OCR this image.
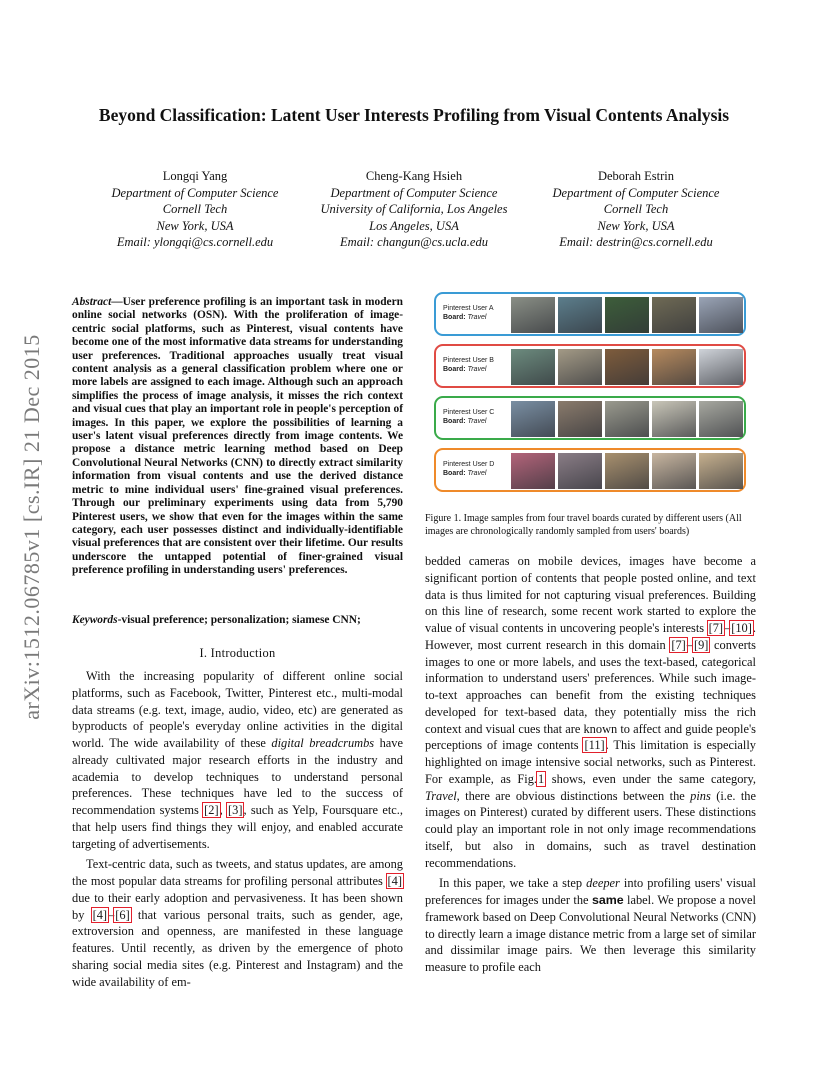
Beyond Classification: Latent User Interests Profiling from Visual Contents Analysis
Longqi Yang
Department of Computer Science
Cornell Tech
New York, USA
Email: ylongqi@cs.cornell.edu
Cheng-Kang Hsieh
Department of Computer Science
University of California, Los Angeles
Los Angeles, USA
Email: changun@cs.ucla.edu
Deborah Estrin
Department of Computer Science
Cornell Tech
New York, USA
Email: destrin@cs.cornell.edu
arXiv:1512.06785v1 [cs.IR] 21 Dec 2015
Abstract—User preference profiling is an important task in modern online social networks (OSN). With the proliferation of image-centric social platforms, such as Pinterest, visual contents have become one of the most informative data streams for understanding user preferences. Traditional approaches usually treat visual content analysis as a general classification problem where one or more labels are assigned to each image. Although such an approach simplifies the process of image analysis, it misses the rich context and visual cues that play an important role in people's perception of images. In this paper, we explore the possibilities of learning a user's latent visual preferences directly from image contents. We propose a distance metric learning method based on Deep Convolutional Neural Networks (CNN) to directly extract similarity information from visual contents and use the derived distance metric to mine individual users' fine-grained visual preferences. Through our preliminary experiments using data from 5,790 Pinterest users, we show that even for the images within the same category, each user possesses distinct and individually-identifiable visual preferences that are consistent over their lifetime. Our results underscore the untapped potential of finer-grained visual preference profiling in understanding users' preferences.
Keywords-visual preference; personalization; siamese CNN;
I. Introduction

With the increasing popularity of different online social platforms, such as Facebook, Twitter, Pinterest etc., multi-modal data streams (e.g. text, image, audio, video, etc) are generated as byproducts of people's everyday online activities in the digital world. The wide availability of these digital breadcrumbs have already cultivated major research efforts in the industry and academia to develop techniques to understand personal preferences. These techniques have led to the success of recommendation systems [2], [3], such as Yelp, Foursquare etc., that help users find things they will enjoy, and enabled accurate targeting of advertisements.

Text-centric data, such as tweets, and status updates, are among the most popular data streams for profiling personal attributes [4] due to their early adoption and pervasiveness. It has been shown by [4]–[6] that various personal traits, such as gender, age, extroversion and openness, are manifested in these language features. Until recently, as driven by the emergence of photo sharing social media sites (e.g. Pinterest and Instagram) and the wide availability of em-

Pinterest User A
Board: Travel
Pinterest User B
Board: Travel
Pinterest User C
Board: Travel
Pinterest User D
Board: Travel
Figure 1. Image samples from four travel boards curated by different users (All images are chronologically randomly sampled from users' boards)

bedded cameras on mobile devices, images have become a significant portion of contents that people posted online, and text data is thus limited for not capturing visual preferences. Building on this line of research, some recent work started to explore the value of visual contents in uncovering people's interests [7]–[10]. However, most current research in this domain [7]–[9] converts images to one or more labels, and uses the text-based, categorical information to understand users' preferences. While such image-to-text approaches can benefit from the existing techniques developed for text-based data, they potentially miss the rich context and visual cues that are known to affect and guide people's perceptions of image contents [11]. This limitation is especially highlighted on image intensive social networks, such as Pinterest. For example, as Fig.1 shows, even under the same category, Travel, there are obvious distinctions between the pins (i.e. the images on Pinterest) curated by different users. These distinctions could play an important role in not only image recommendations itself, but also in domains, such as travel destination recommendations.

In this paper, we take a step deeper into profiling users' visual preferences for images under the same label. We propose a novel framework based on Deep Convolutional Neural Networks (CNN) to directly learn a image distance metric from a large set of similar and dissimilar image pairs. We then leverage this similarity measure to profile each
